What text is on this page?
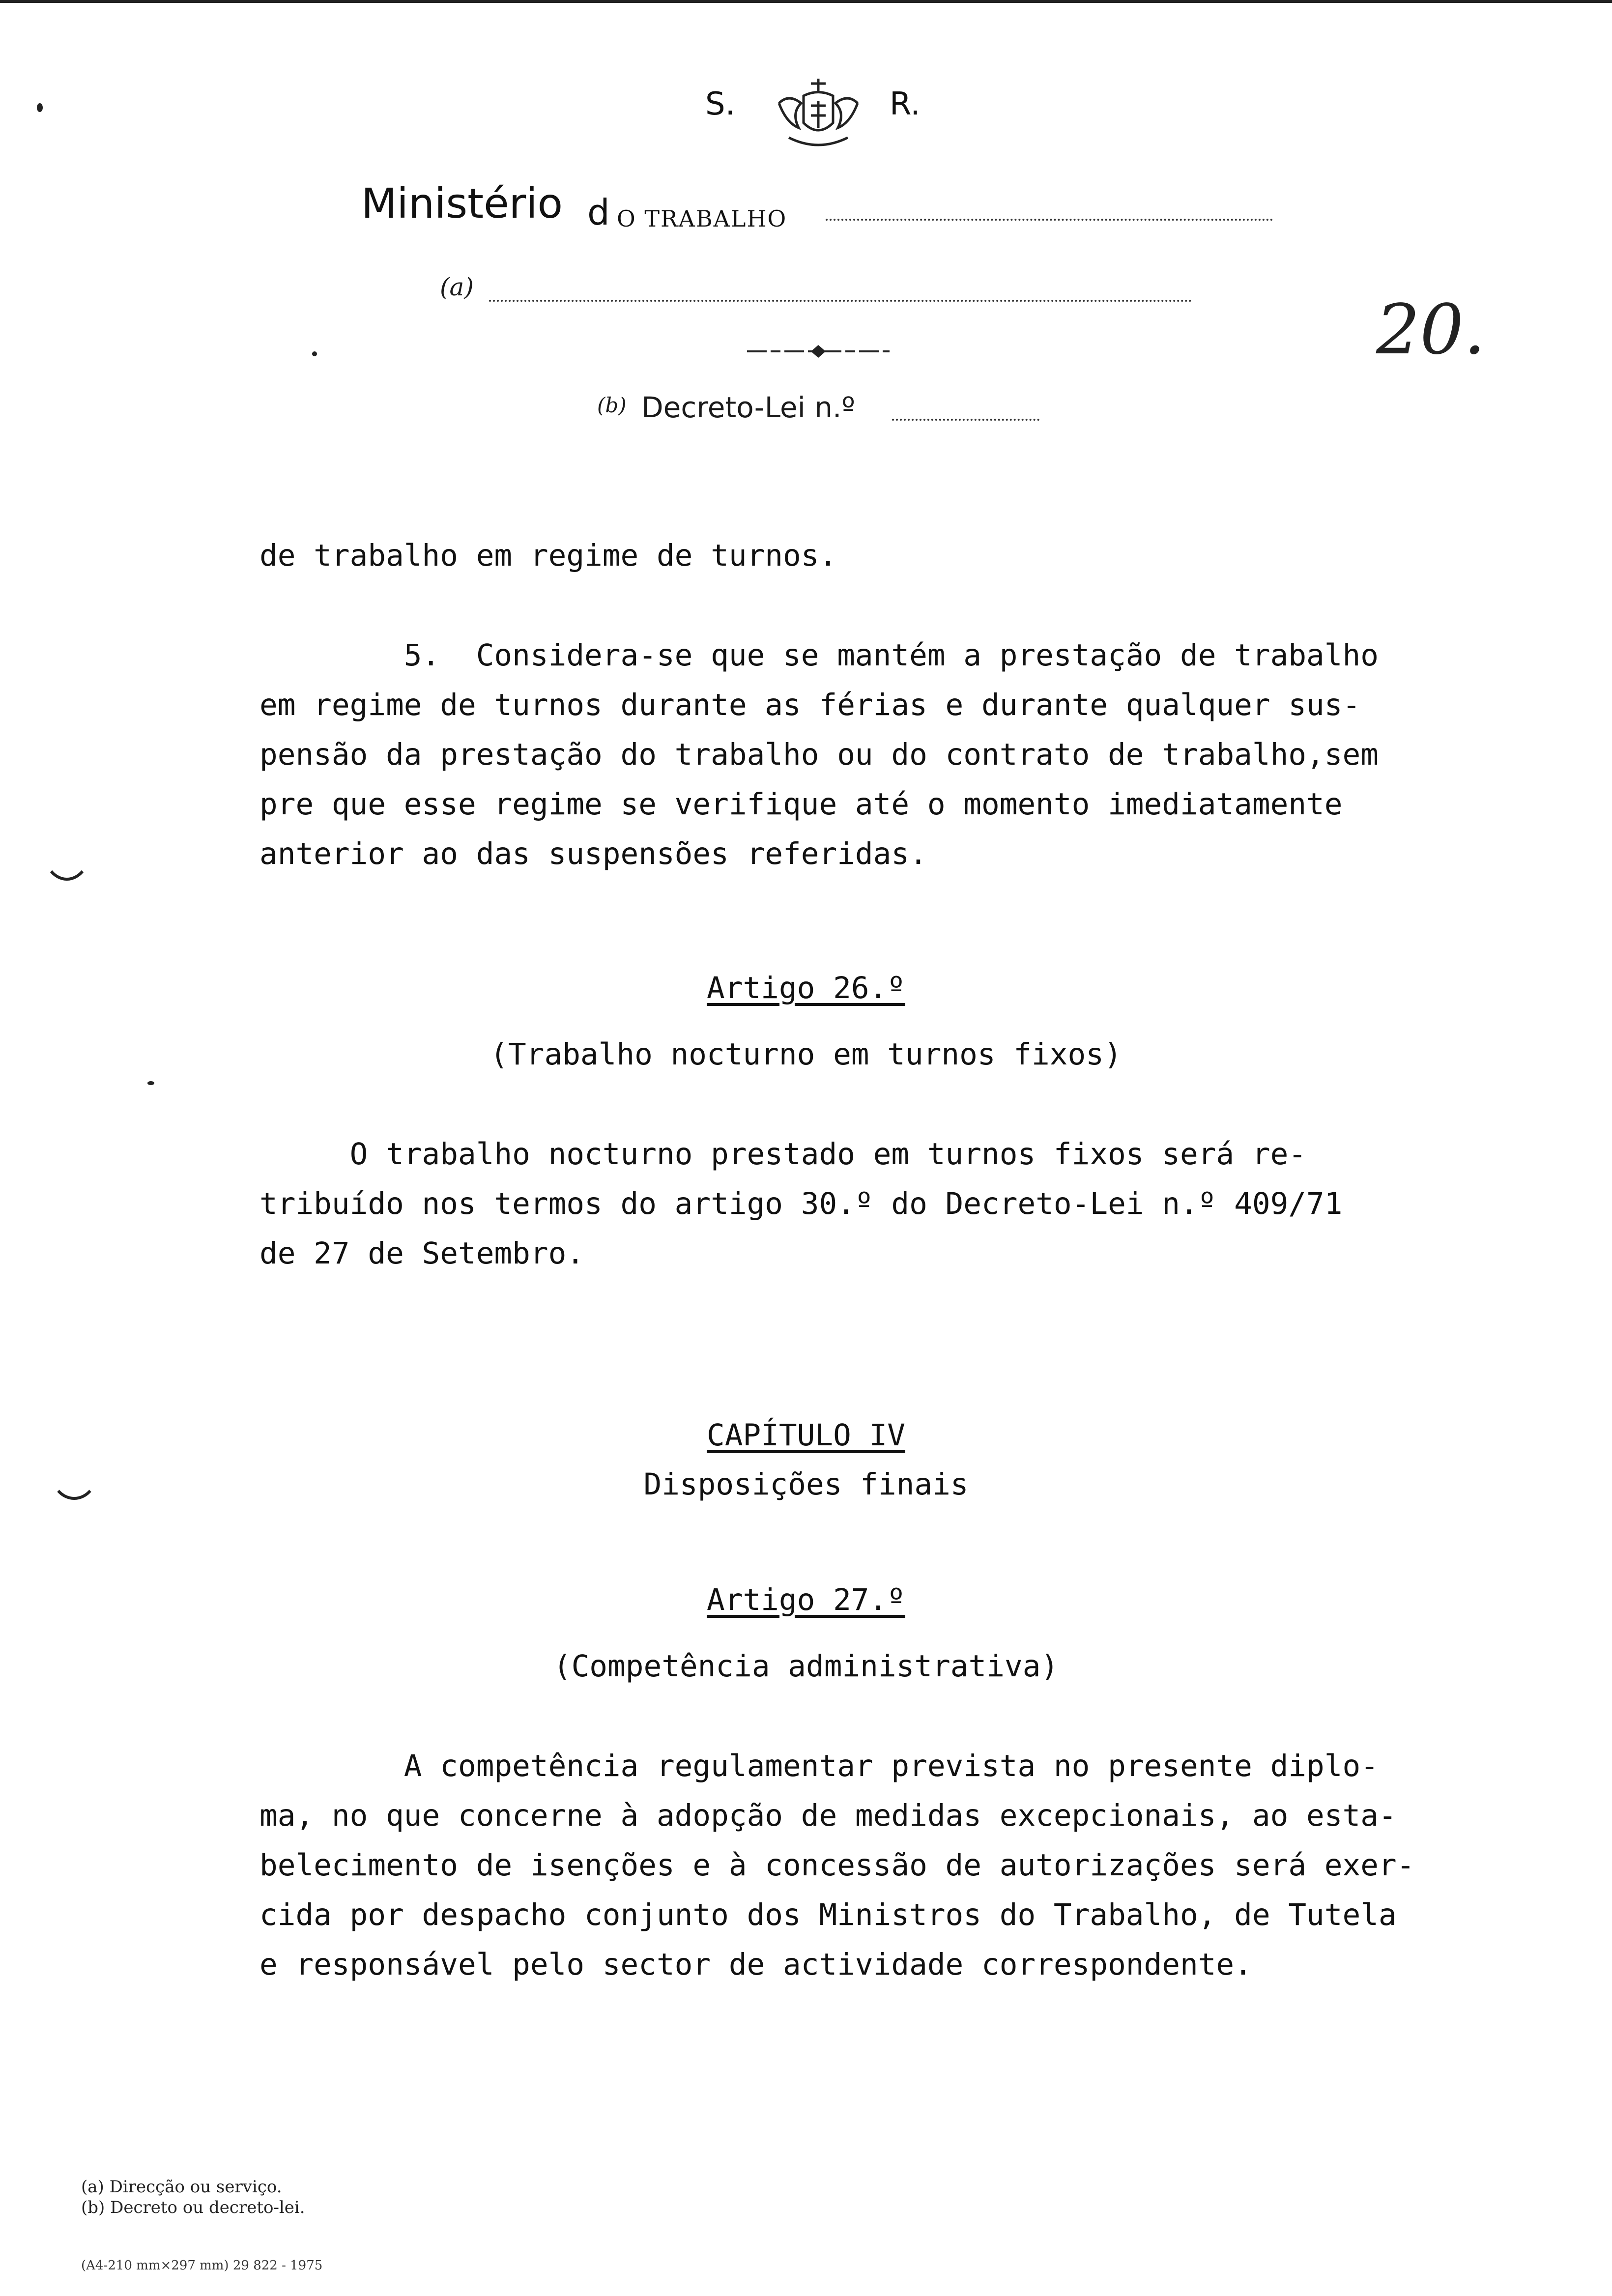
S.	R.
Ministério d O TRABALHO
(a)
(b) Decreto-Lei n.º
20.
de trabalho em regime de turnos.
5.  Considera-se que se mantém a prestação de trabalho
em regime de turnos durante as férias e durante qualquer sus-
pensão da prestação do trabalho ou do contrato de trabalho,sem
pre que esse regime se verifique até o momento imediatamente
anterior ao das suspensões referidas.
Artigo 26.º
(Trabalho nocturno em turnos fixos)
O trabalho nocturno prestado em turnos fixos será re-
tribuído nos termos do artigo 30.º do Decreto-Lei n.º 409/71
de 27 de Setembro.
CAPÍTULO IV
Disposições finais
Artigo 27.º
(Competência administrativa)
A competência regulamentar prevista no presente diplo-
ma, no que concerne à adopção de medidas excepcionais, ao esta-
belecimento de isenções e à concessão de autorizações será exer-
cida por despacho conjunto dos Ministros do Trabalho, de Tutela
e responsável pelo sector de actividade correspondente.
(a) Direcção ou serviço.
(b) Decreto ou decreto-lei.
(A4-210 mm×297 mm) 29 822 - 1975
